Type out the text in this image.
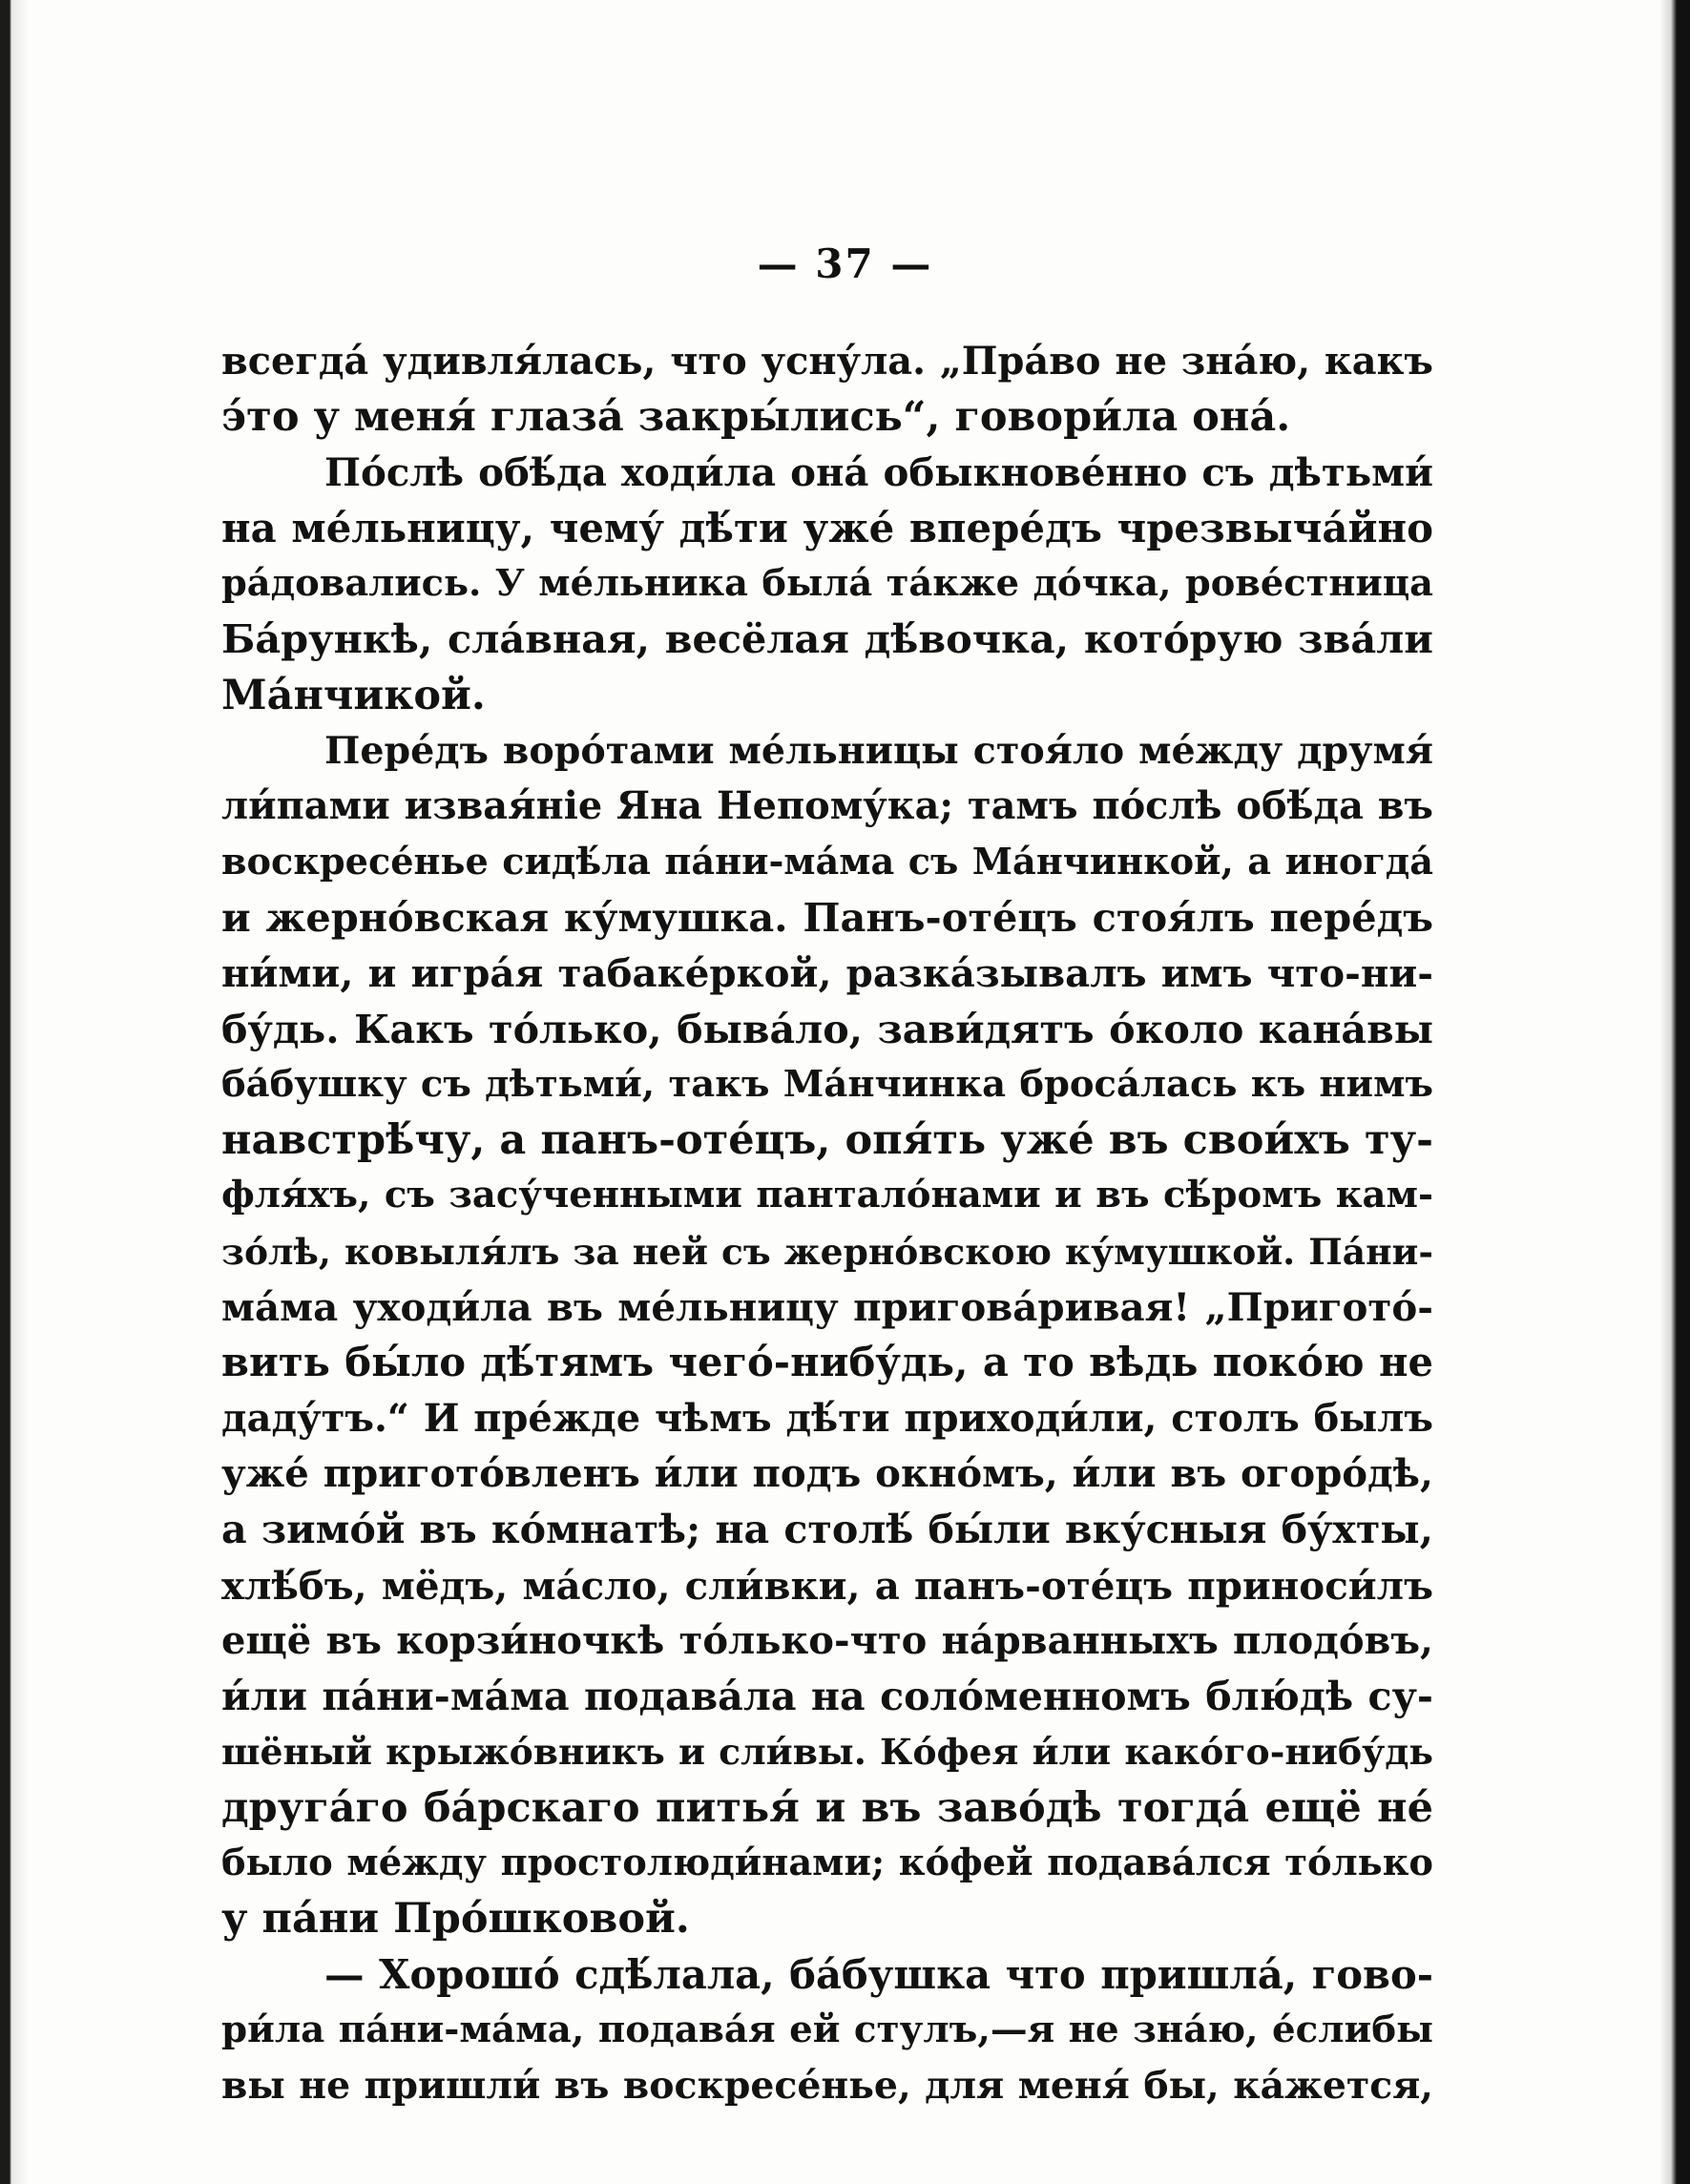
— 37 —
всегда́ удивля́лась, что усну́ла. „Пра́во не зна́ю, какъ
э́то у меня́ глаза́ закры́лись“, говори́ла она́.
По́слѣ обѣ́да ходи́ла она́ обыкнове́нно съ дѣтьми́
на ме́льницу, чему́ дѣ́ти уже́ впере́дъ чрезвыча́йно
ра́довались. У ме́льника была́ та́кже до́чка, рове́стница
Ба́рункѣ, сла́вная, весёлая дѣ́вочка, кото́рую зва́ли
Ма́нчикой.
Пере́дъ воро́тами ме́льницы стоя́ло ме́жду друмя́
ли́пами извая́ніе Яна Непому́ка; тамъ по́слѣ обѣ́да въ
воскресе́нье сидѣ́ла па́ни-ма́ма съ Ма́нчинкой, а иногда́
и жерно́вская ку́мушка. Панъ-оте́цъ стоя́лъ пере́дъ
ни́ми, и игра́я табаке́ркой, разка́зывалъ имъ что-ни-
бу́дь. Какъ то́лько, быва́ло, зави́дятъ о́коло кана́вы
ба́бушку съ дѣтьми́, такъ Ма́нчинка броса́лась къ нимъ
навстрѣ́чу, а панъ-оте́цъ, опя́ть уже́ въ свои́хъ ту-
фля́хъ, съ засу́ченными пантало́нами и въ сѣ́ромъ кам-
зо́лѣ, ковыля́лъ за ней съ жерно́вскою ку́мушкой. Па́ни-
ма́ма уходи́ла въ ме́льницу пригова́ривая! „Пригото́-
вить бы́ло дѣ́тямъ чего́-нибу́дь, а то вѣдь поко́ю не
даду́тъ.“ И пре́жде чѣмъ дѣ́ти приходи́ли, столъ былъ
уже́ пригото́вленъ и́ли подъ окно́мъ, и́ли въ огоро́дѣ,
а зимо́й въ ко́мнатѣ; на столѣ́ бы́ли вку́сныя бу́хты,
хлѣ́бъ, мёдъ, ма́сло, сли́вки, а панъ-оте́цъ приноси́лъ
ещё въ корзи́ночкѣ то́лько-что на́рванныхъ плодо́въ,
и́ли па́ни-ма́ма подава́ла на соло́менномъ блю́дѣ су-
шёный крыжо́вникъ и сли́вы. Ко́фея и́ли како́го-нибу́дь
друга́го ба́рскаго питья́ и въ заво́дѣ тогда́ ещё не́
было ме́жду простолюди́нами; ко́фей подава́лся то́лько
у па́ни Про́шковой.
— Хорошо́ сдѣ́лала, ба́бушка что пришла́, гово-
ри́ла па́ни-ма́ма, подава́я ей стулъ,—я не зна́ю, е́слибы
вы не пришли́ въ воскресе́нье, для меня́ бы, ка́жется,
